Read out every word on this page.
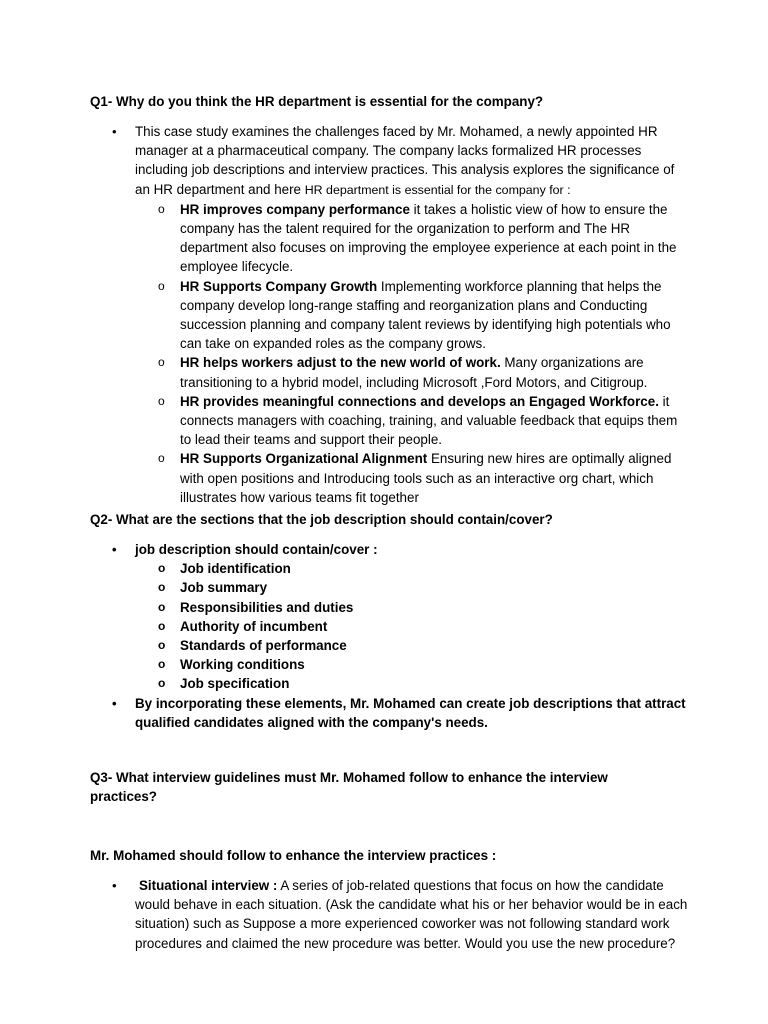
Q1- Why do you think the HR department is essential for the company?

• This case study examines the challenges faced by Mr. Mohamed, a newly appointed HR manager at a pharmaceutical company. The company lacks formalized HR processes including job descriptions and interview practices. This analysis explores the significance of an HR department and here HR department is essential for the company for :
o HR improves company performance it takes a holistic view of how to ensure the company has the talent required for the organization to perform and The HR department also focuses on improving the employee experience at each point in the employee lifecycle.
o HR Supports Company Growth Implementing workforce planning that helps the company develop long-range staffing and reorganization plans and Conducting succession planning and company talent reviews by identifying high potentials who can take on expanded roles as the company grows.
o HR helps workers adjust to the new world of work. Many organizations are transitioning to a hybrid model, including Microsoft ,Ford Motors, and Citigroup.
o HR provides meaningful connections and develops an Engaged Workforce. it connects managers with coaching, training, and valuable feedback that equips them to lead their teams and support their people.
o HR Supports Organizational Alignment Ensuring new hires are optimally aligned with open positions and Introducing tools such as an interactive org chart, which illustrates how various teams fit together

Q2- What are the sections that the job description should contain/cover?

• job description should contain/cover :
o Job identification
o Job summary
o Responsibilities and duties
o Authority of incumbent
o Standards of performance
o Working conditions
o Job specification
• By incorporating these elements, Mr. Mohamed can create job descriptions that attract qualified candidates aligned with the company's needs.

Q3- What interview guidelines must Mr. Mohamed follow to enhance the interview practices?

Mr. Mohamed should follow to enhance the interview practices :

• Situational interview : A series of job-related questions that focus on how the candidate would behave in each situation. (Ask the candidate what his or her behavior would be in each situation) such as Suppose a more experienced coworker was not following standard work procedures and claimed the new procedure was better. Would you use the new procedure?
